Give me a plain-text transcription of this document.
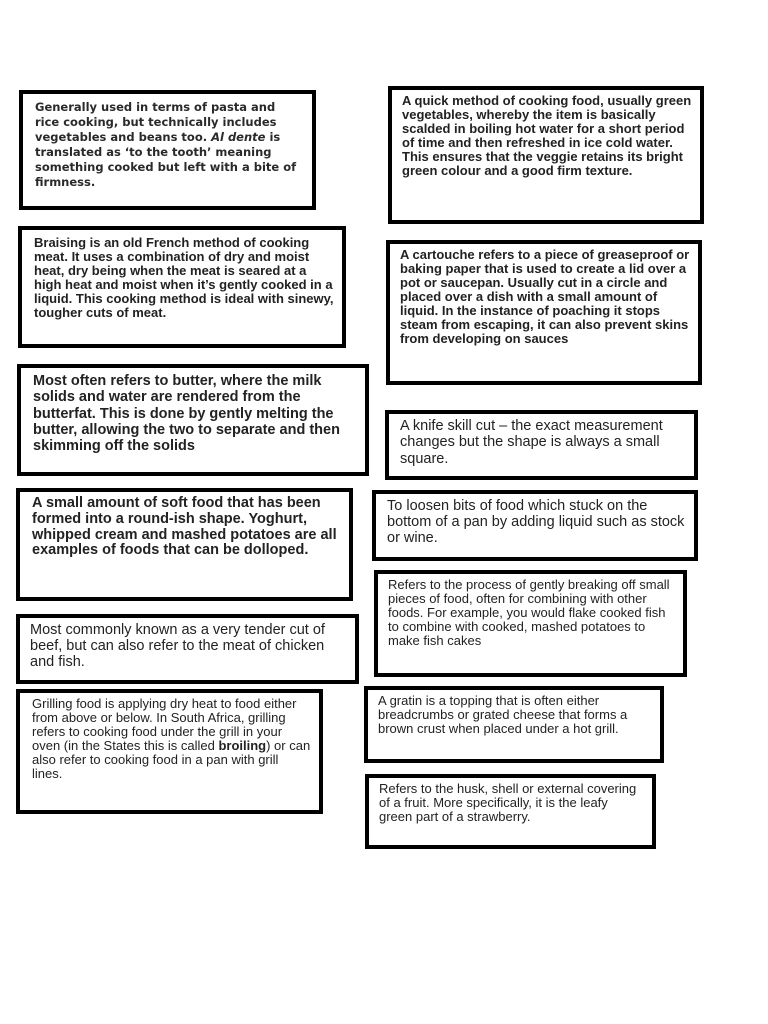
Generally used in terms of pasta and rice cooking, but technically includes vegetables and beans too. Al dente is translated as ‘to the tooth’ meaning something cooked but left with a bite of firmness.

Braising is an old French method of cooking meat. It uses a combination of dry and moist heat, dry being when the meat is seared at a high heat and moist when it’s gently cooked in a liquid. This cooking method is ideal with sinewy, tougher cuts of meat.

Most often refers to butter, where the milk solids and water are rendered from the butterfat. This is done by gently melting the butter, allowing the two to separate and then skimming off the solids

A small amount of soft food that has been formed into a round-ish shape. Yoghurt, whipped cream and mashed potatoes are all examples of foods that can be dolloped.

Most commonly known as a very tender cut of beef, but can also refer to the meat of chicken and fish.

Grilling food is applying dry heat to food either from above or below. In South Africa, grilling refers to cooking food under the grill in your oven (in the States this is called broiling) or can also refer to cooking food in a pan with grill lines.

A quick method of cooking food, usually green vegetables, whereby the item is basically scalded in boiling hot water for a short period of time and then refreshed in ice cold water. This ensures that the veggie retains its bright green colour and a good firm texture.

A cartouche refers to a piece of greaseproof or baking paper that is used to create a lid over a pot or saucepan. Usually cut in a circle and placed over a dish with a small amount of liquid. In the instance of poaching it stops steam from escaping, it can also prevent skins from developing on sauces

A knife skill cut – the exact measurement changes but the shape is always a small square.

To loosen bits of food which stuck on the bottom of a pan by adding liquid such as stock or wine.

Refers to the process of gently breaking off small pieces of food, often for combining with other foods. For example, you would flake cooked fish to combine with cooked, mashed potatoes to make fish cakes

A gratin is a topping that is often either breadcrumbs or grated cheese that forms a brown crust when placed under a hot grill.

Refers to the husk, shell or external covering of a fruit. More specifically, it is the leafy green part of a strawberry.
